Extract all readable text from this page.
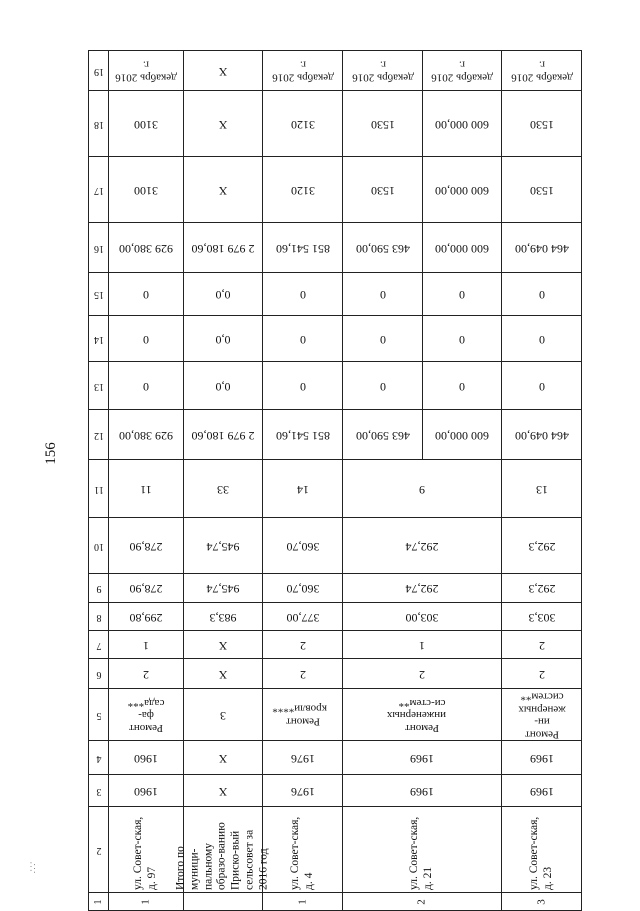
156
∴∵
19	декабрь 2016 г.	Х	декабрь 2016 г.	декабрь 2016 г.	декабрь 2016 г.	декабрь 2016 г.

18	3100	Х	3120	1530	600 000,00	1530

17	3100	Х	3120	1530	600 000,00	1530

16	929 380,00	2 979 180,60	851 541,60	463 590,00	600 000,00	464 049,00

15	0	0,0	0	0	0	0

14	0	0,0	0	0	0	0

13	0	0,0	0	0	0	0

12	929 380,00	2 979 180,60	851 541,60	463 590,00	600 000,00	464 049,00

11	11	33	14	9		13

10	278,90	945,74	360,70	292,74		292,3

9	278,90	945,74	360,70	292,74		292,3

8	299,80	983,3	377,00	303,00		303,3

7	1	Х	2	1		2

6	2	Х	2	2		2

5	Ремонт фа-сада***	3	Ремонт кровли****	Ремонт инженерных си-стем**		Ремонт ин-женерных систем**

4	1960	Х	1976	1969		1969

3	1960	Х	1976	1969		1969

2	ул. Совет-ская, д. 97	Итого по муници-пальному образо-ванию Приско-вый сельсовет за 2016 год	ул. Совет-ская, д. 4	ул. Совет-ская, д. 21		ул. Совет-ская, д. 23

1	1		1	2		3
